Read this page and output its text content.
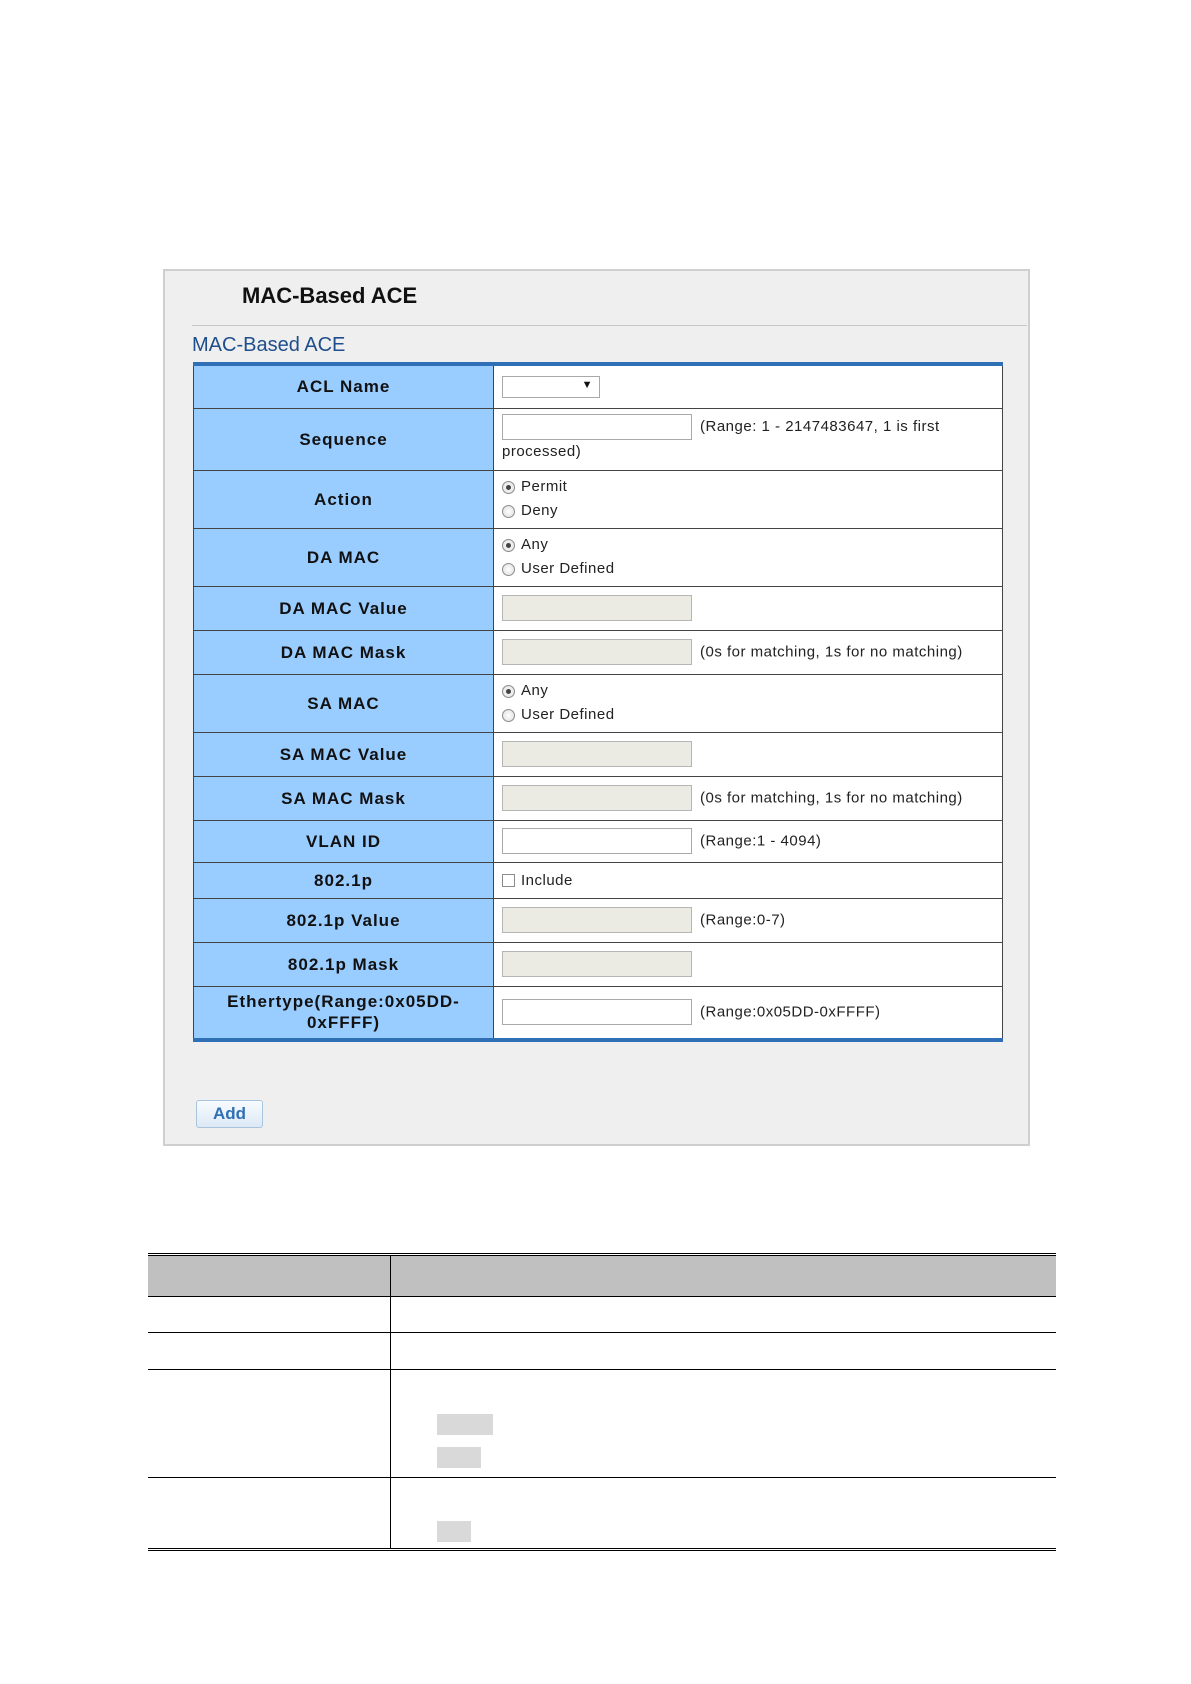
MAC-Based ACE
MAC-Based ACE
ACL Name	▼

Sequence	(Range: 1 - 2147483647, 1 is first processed)
Action	Permit
Deny

DA MAC	Any
User Defined

DA MAC Value	
DA MAC Mask	(0s for matching, 1s for no matching)
SA MAC	Any
User Defined

SA MAC Value	
SA MAC Mask	(0s for matching, 1s for no matching)
VLAN ID	(Range:1 - 4094)
802.1p	Include
802.1p Value	(Range:0-7)
802.1p Mask	
Ethertype(Range:0x05DD-0xFFFF)	(Range:0x05DD-0xFFFF)
Add
